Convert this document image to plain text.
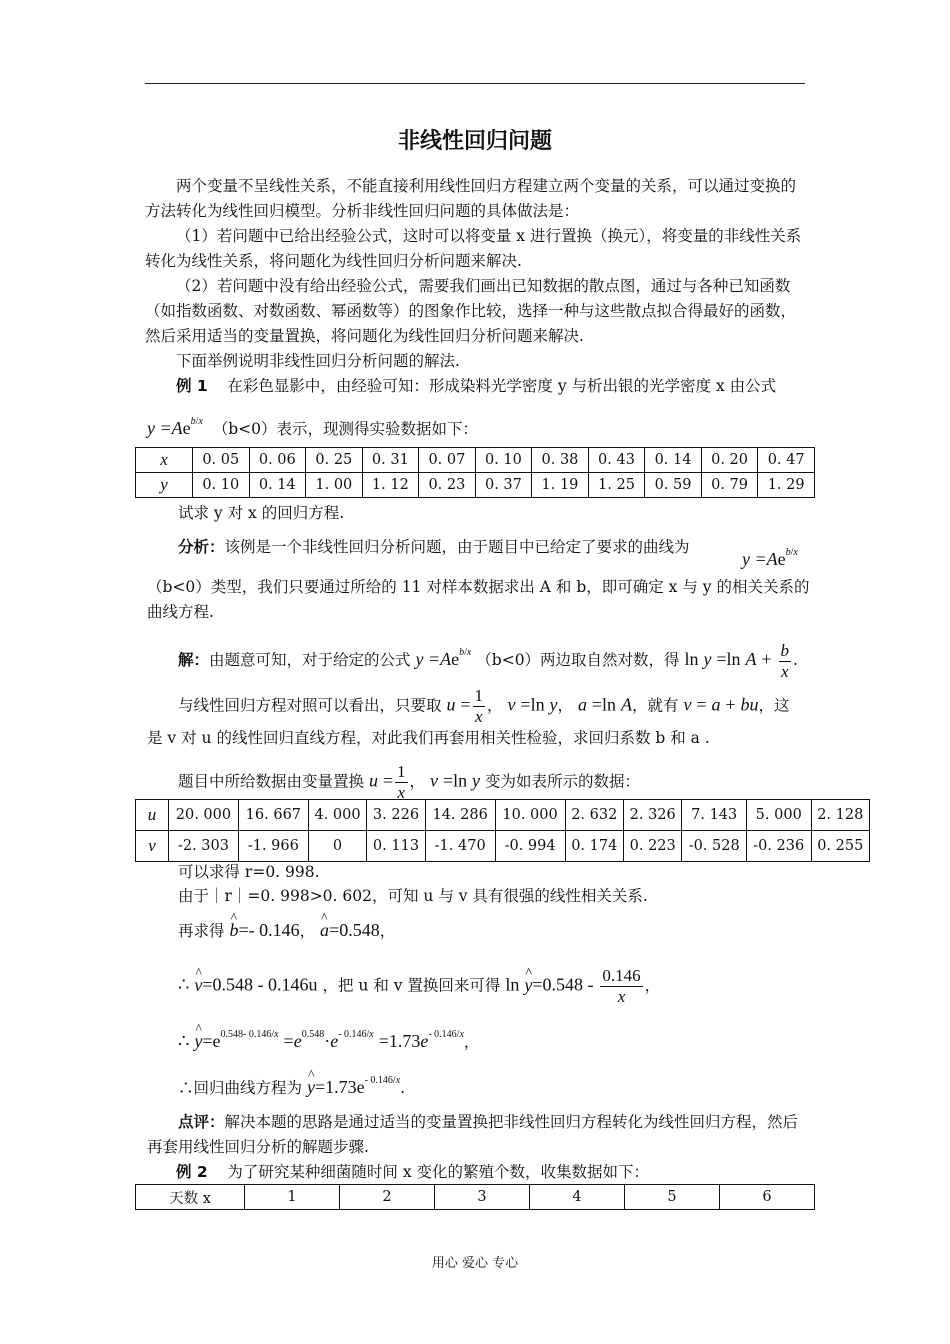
非线性回归问题
两个变量不呈线性关系，不能直接利用线性回归方程建立两个变量的关系，可以通过变换的方法转化为线性回归模型。分析非线性回归问题的具体做法是：
（1）若问题中已给出经验公式，这时可以将变量 x 进行置换（换元），将变量的非线性关系转化为线性关系，将问题化为线性回归分析问题来解决.
（2）若问题中没有给出经验公式，需要我们画出已知数据的散点图，通过与各种已知函数（如指数函数、对数函数、幂函数等）的图象作比较，选择一种与这些散点拟合得最好的函数，然后采用适当的变量置换，将问题化为线性回归分析问题来解决.
下面举例说明非线性回归分析问题的解法.
例 1 在彩色显影中，由经验可知：形成染料光学密度 y 与析出银的光学密度 x 由公式
$y =Ae^{b/x}$ （b<0）表示，现测得实验数据如下：
x	0. 05	0. 06	0. 25	0. 31	0. 07	0. 10	0. 38	0. 43	0. 14	0. 20	0. 47
y	0. 10	0. 14	1. 00	1. 12	0. 23	0. 37	1. 19	1. 25	0. 59	0. 79	1. 29
试求 y 对 x 的回归方程.
分析：该例是一个非线性回归分析问题，由于题目中已给定了要求的曲线为
$y =Ae^{b/x}$
（b<0）类型，我们只要通过所给的 11 对样本数据求出 A 和 b，即可确定 x 与 y 的相关关系的
曲线方程.
解：由题意可知，对于给定的公式 $y =Ae^{b/x}$ （b<0）两边取自然对数，得 ln y =ln $A + \frac{b}{x}$ .
与线性回归方程对照可以看出，只要取 $u = \frac{1}{x}$ ， v =ln y， a =ln A，就有 v = a + bu，这
是 v 对 u 的线性回归直线方程，对此我们再套用相关性检验，求回归系数 b 和 a .
题目中所给数据由变量置换 $u = \frac{1}{x}$ ， v =ln y 变为如表所示的数据：
u	20. 000	16. 667	4. 000	3. 226	14. 286	10. 000	2. 632	2. 326	7. 143	5. 000	2. 128
v	-2. 303	-1. 966	0	0. 113	-1. 470	-0. 994	0. 174	0. 223	-0. 528	-0. 236	0. 255
可以求得 r=0. 998.
由于｜r｜=0. 998>0. 602，可知 u 与 v 具有很强的线性相关关系.
再求得 ^ b=- 0.146， ^ a=0.548，
∴ ^ v=0.548 - 0.146u ，把 u 和 v 置换回来可得 ln ^ $y=0.548 - \frac{0.146}{x}$ ，
∴ ^ $y=e^{0.548- 0.146/x} =e^{0.548}\cdot e^{- 0.146/x} =1.73e^{- 0.146/x}$，
∴回归曲线方程为 ^ $y=1.73e^{- 0.146/x}$.
点评：解决本题的思路是通过适当的变量置换把非线性回归方程转化为线性回归方程，然后再套用线性回归分析的解题步骤.
例 2 为了研究某种细菌随时间 x 变化的繁殖个数，收集数据如下：
天数 x	1	2	3	4	5	6
用心 爱心 专心
